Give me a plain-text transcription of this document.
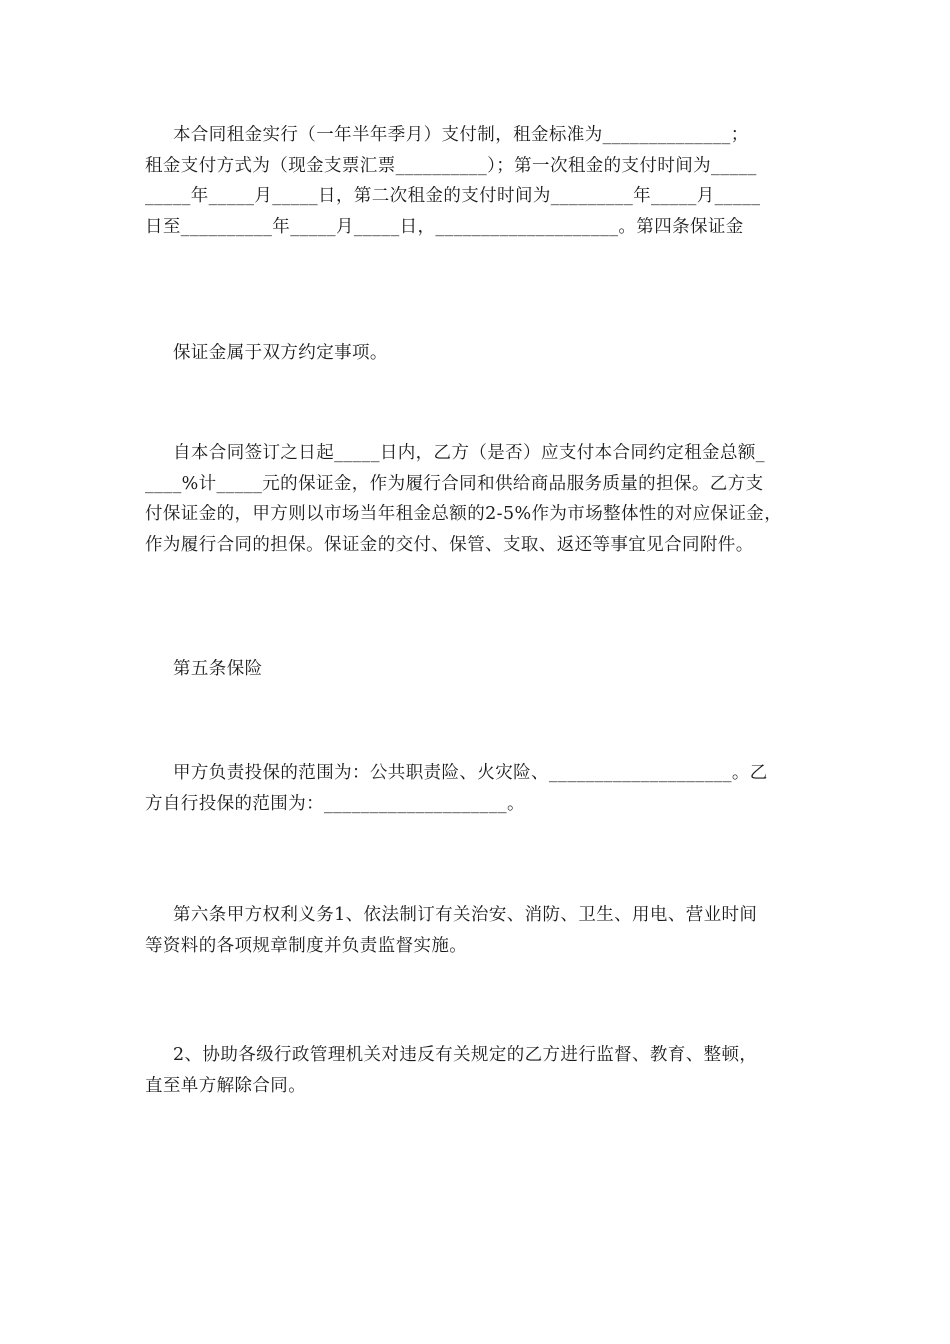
本合同租金实行（一年半年季月）支付制，租金标准为______________；
租金支付方式为（现金支票汇票__________）；第一次租金的支付时间为_____
_____年_____月_____日，第二次租金的支付时间为_________年_____月_____
日至__________年_____月_____日，____________________。第四条保证金

保证金属于双方约定事项。

自本合同签订之日起_____日内，乙方（是否）应支付本合同约定租金总额_
____%计_____元的保证金，作为履行合同和供给商品服务质量的担保。乙方支
付保证金的，甲方则以市场当年租金总额的2-5%作为市场整体性的对应保证金，
作为履行合同的担保。保证金的交付、保管、支取、返还等事宜见合同附件。

第五条保险

甲方负责投保的范围为：公共职责险、火灾险、____________________。乙
方自行投保的范围为：____________________。

第六条甲方权利义务1、依法制订有关治安、消防、卫生、用电、营业时间
等资料的各项规章制度并负责监督实施。

2、协助各级行政管理机关对违反有关规定的乙方进行监督、教育、整顿，
直至单方解除合同。
